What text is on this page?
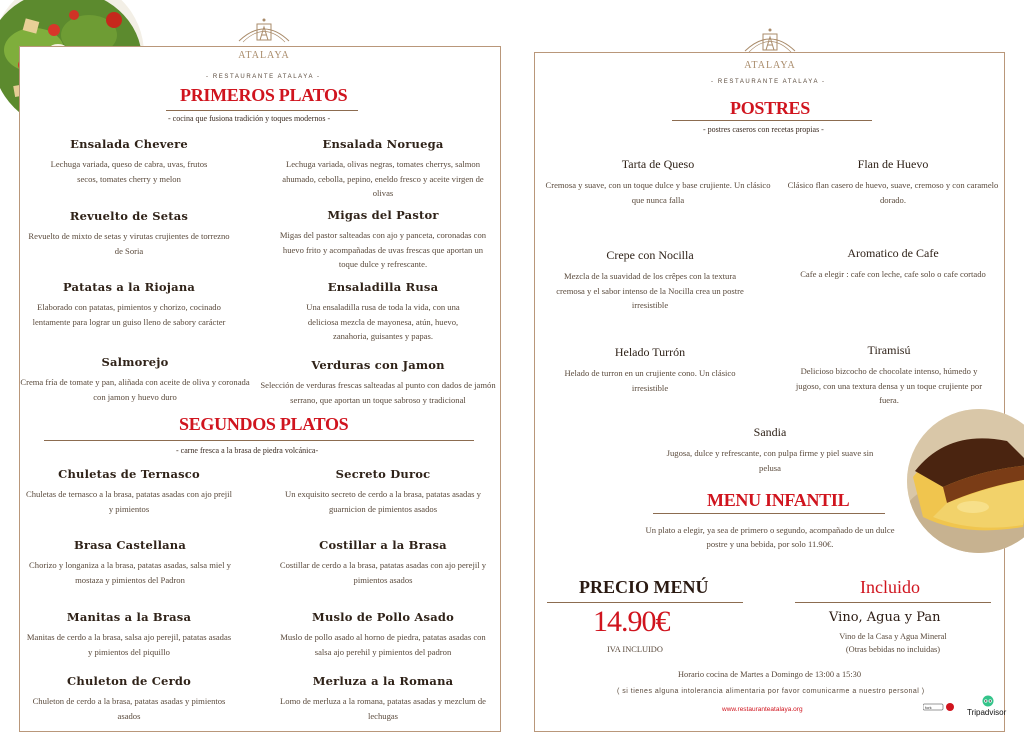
ATALAYA
- RESTAURANTE ATALAYA -
PRIMEROS PLATOS
- cocina que fusiona tradición y toques modernos -
Ensalada Chevere
Lechuga variada, queso de cabra, uvas, frutos secos, tomates cherry y melon
Ensalada Noruega
Lechuga variada, olivas negras, tomates cherrys, salmon ahumado, cebolla, pepino, eneldo fresco y aceite virgen de olivas
Revuelto de Setas
Revuelto de mixto de setas y virutas crujientes de torrezno de Soria
Migas del Pastor
Migas del pastor salteadas con ajo y panceta, coronadas con huevo frito y acompañadas de uvas frescas que aportan un toque dulce y refrescante.
Patatas a la Riojana
Elaborado con patatas, pimientos y chorizo, cocinado lentamente para lograr un guiso lleno de sabory carácter
Ensaladilla Rusa
Una ensaladilla rusa de toda la vida, con una deliciosa mezcla de mayonesa, atún, huevo, zanahoria, guisantes y papas.
Salmorejo
Crema fría de tomate y pan, aliñada con aceite de oliva y coronada con jamon y huevo duro
Verduras con Jamon
Selección de verduras frescas salteadas al punto con dados de jamón serrano, que aportan un toque sabroso y tradicional
SEGUNDOS PLATOS
- carne fresca a la brasa de piedra volcánica-
Chuletas de Ternasco
Chuletas de ternasco a la brasa, patatas asadas con ajo prejil y pimientos
Secreto Duroc
Un exquisito secreto de cerdo a la brasa, patatas asadas y guarnicion de pimientos asados
Brasa Castellana
Chorizo y longaniza a la brasa, patatas asadas, salsa miel y mostaza y pimientos del Padron
Costillar a la Brasa
Costillar de cerdo a la brasa, patatas asadas con ajo perejil y pimientos asados
Manitas a la Brasa
Manitas de cerdo a la brasa, salsa ajo perejil, patatas asadas y pimientos del piquillo
Muslo de Pollo Asado
Muslo de pollo asado al horno de piedra, patatas asadas con salsa ajo perehil y pimientos del padron
Chuleton de Cerdo
Chuleton de cerdo a la brasa, patatas asadas y pimientos asados
Merluza a la Romana
Lomo de merluza a la romana, patatas asadas y mezclum de lechugas
ATALAYA
- RESTAURANTE ATALAYA -
POSTRES
- postres caseros con recetas propias -
Tarta de Queso
Cremosa y suave, con un toque dulce y base crujiente. Un clásico que nunca falla
Flan de Huevo
Clásico flan casero de huevo, suave, cremoso y con caramelo dorado.
Crepe con Nocilla
Mezcla de la suavidad de los crêpes con la textura cremosa y el sabor intenso de la Nocilla crea un postre irresistible
Aromatico de Cafe
Cafe a elegir : cafe con leche, cafe solo o cafe cortado
Helado Turrón
Helado de turron en un crujiente cono. Un clásico irresistible
Tiramisú
Delicioso bizcocho de chocolate intenso, húmedo y jugoso, con una textura densa y un toque crujiente por fuera.
Sandia
Jugosa, dulce y refrescante, con pulpa firme y piel suave sin pelusa
MENU INFANTIL
Un plato a elegir, ya sea de primero o segundo, acompañado de un dulce postre y una bebida, por solo 11.90€.
PRECIO MENÚ
14.90€
IVA INCLUIDO
Incluido
Vino, Agua y Pan
Vino de la Casa y Agua Mineral
(Otras bebidas no incluidas)
Horario cocina de Martes a Domingo de 13:00 a 15:30
( si tienes alguna intolerancia alimentaria por favor comunicarme a nuestro personal )
www.restauranteatalaya.org	fork
Tripadvisor
